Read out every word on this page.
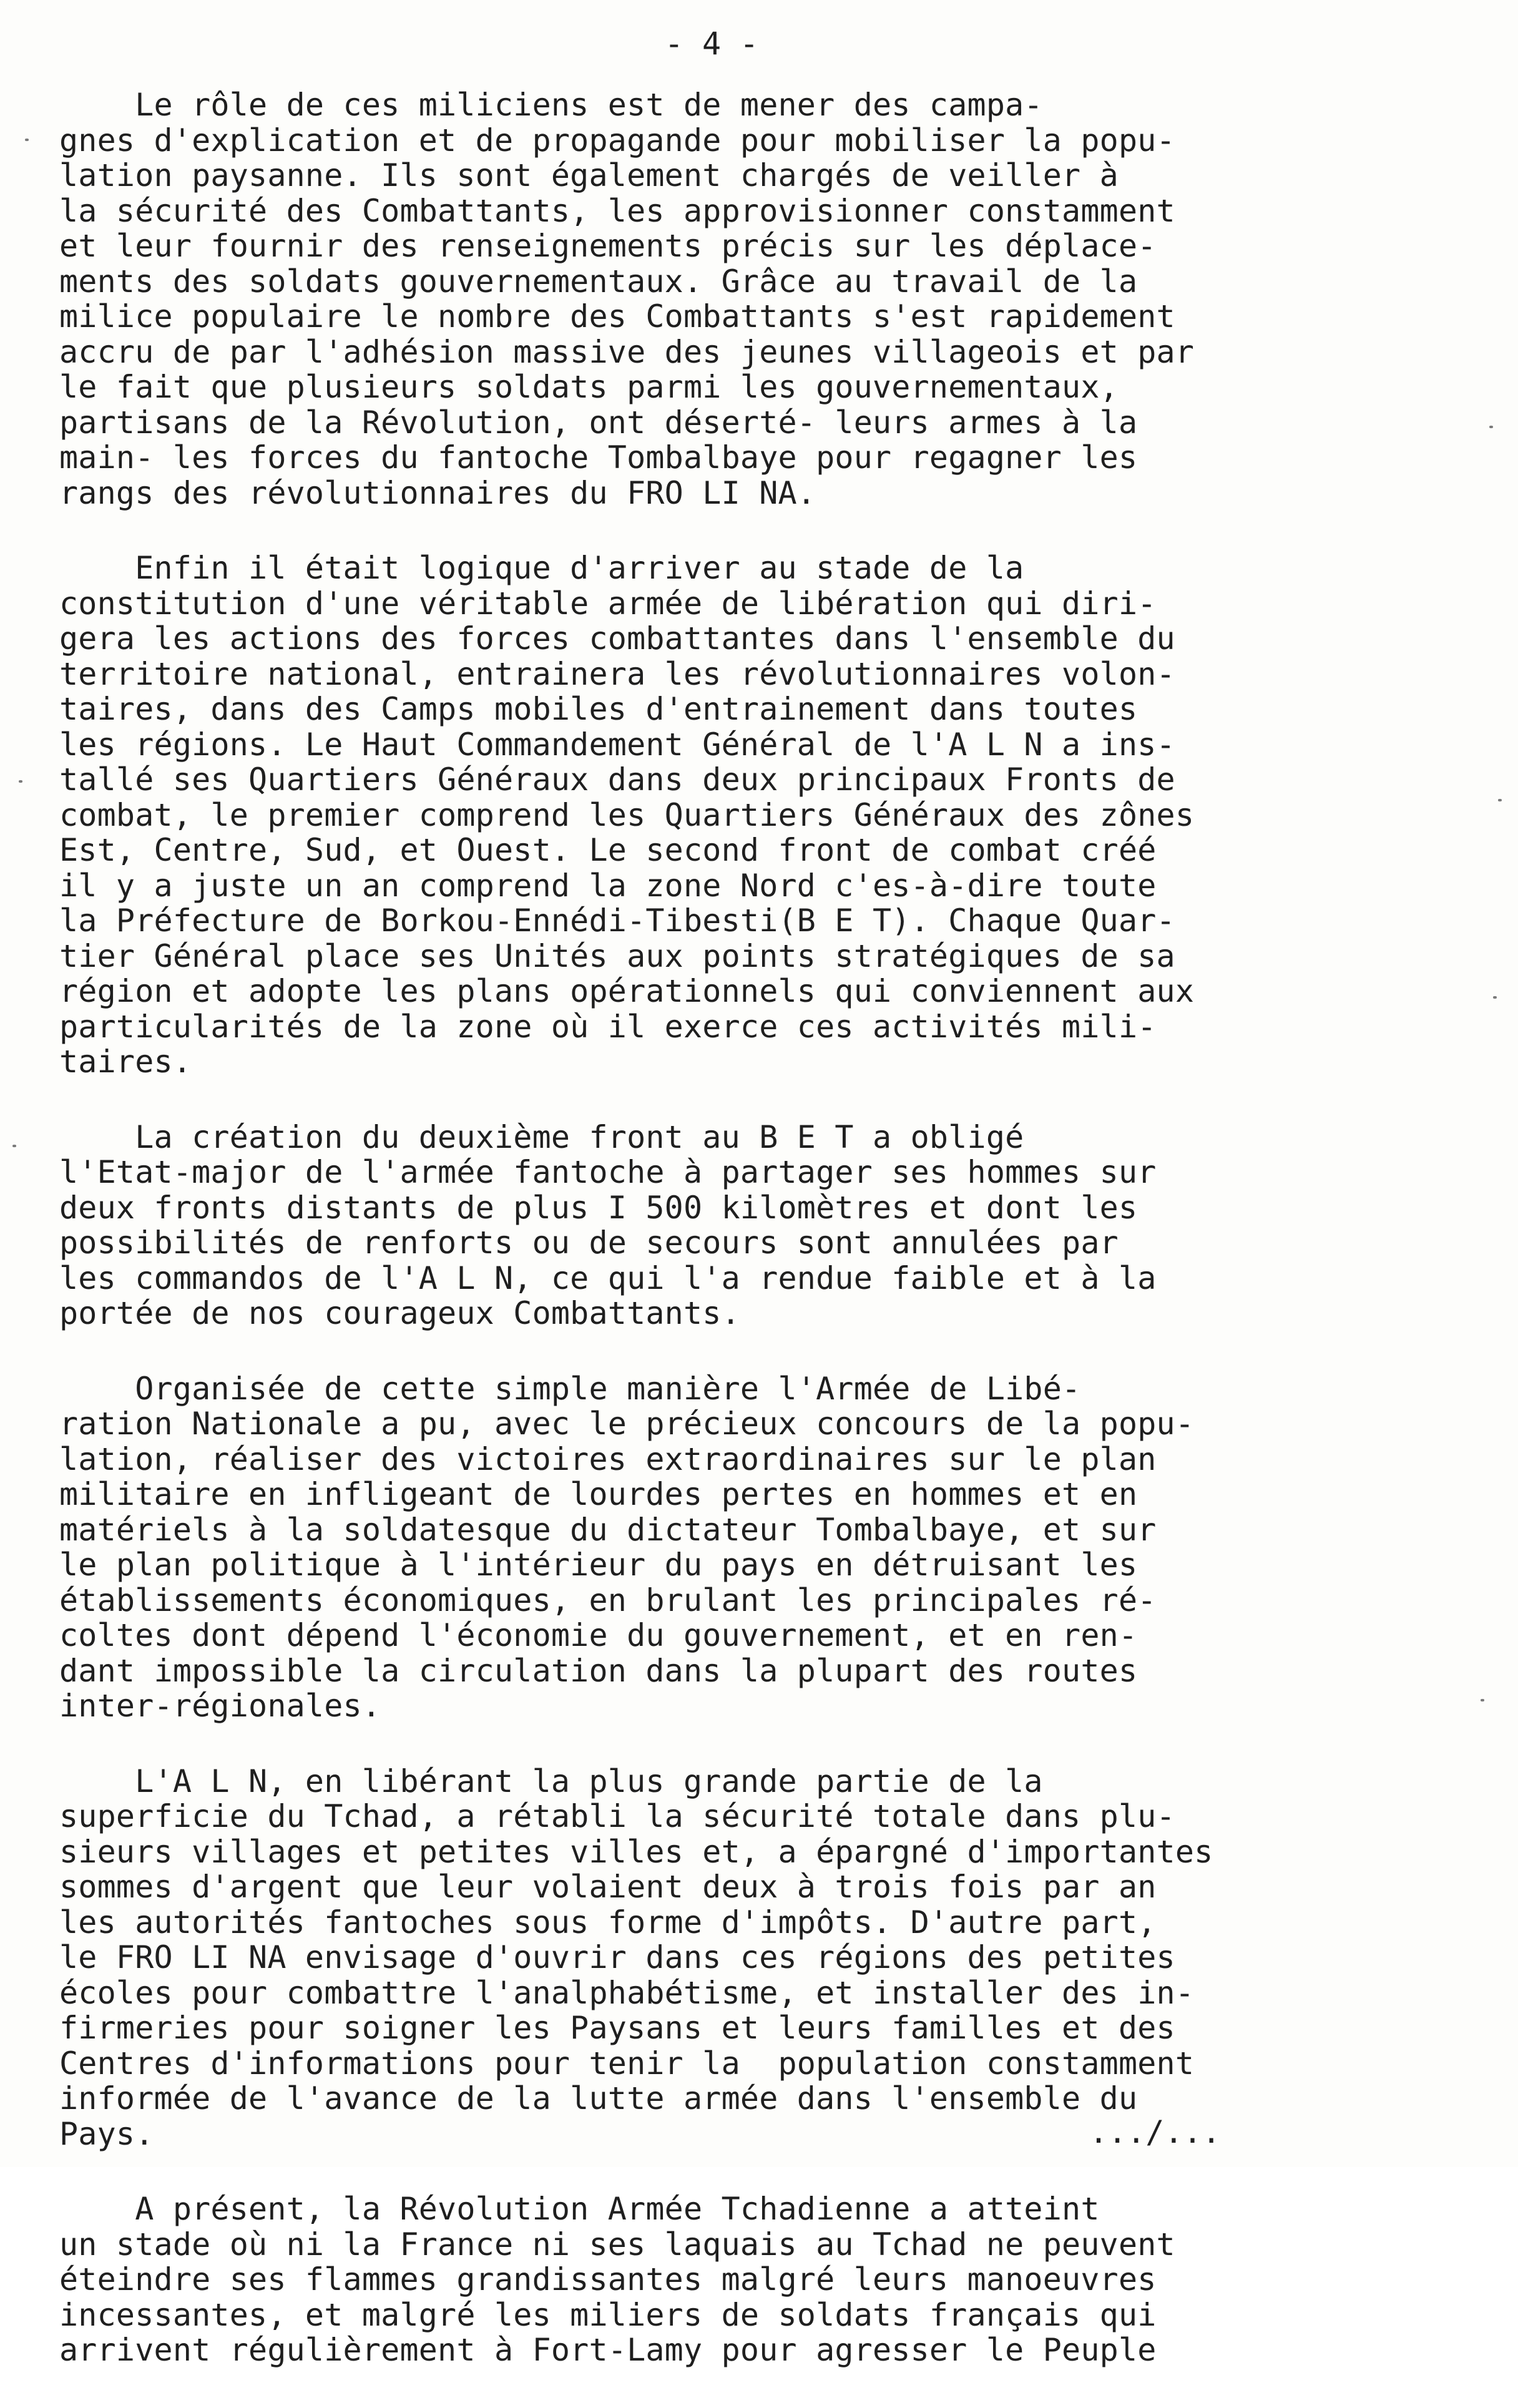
- 4 -
Le rôle de ces miliciens est de mener des campa-
gnes d'explication et de propagande pour mobiliser la popu-
lation paysanne. Ils sont également chargés de veiller à
la sécurité des Combattants, les approvisionner constamment
et leur fournir des renseignements précis sur les déplace-
ments des soldats gouvernementaux. Grâce au travail de la
milice populaire le nombre des Combattants s'est rapidement
accru de par l'adhésion massive des jeunes villageois et par
le fait que plusieurs soldats parmi les gouvernementaux,
partisans de la Révolution, ont déserté- leurs armes à la
main- les forces du fantoche Tombalbaye pour regagner les
rangs des révolutionnaires du FRO LI NA.
Enfin il était logique d'arriver au stade de la
constitution d'une véritable armée de libération qui diri-
gera les actions des forces combattantes dans l'ensemble du
territoire national, entrainera les révolutionnaires volon-
taires, dans des Camps mobiles d'entrainement dans toutes
les régions. Le Haut Commandement Général de l'A L N a ins-
tallé ses Quartiers Généraux dans deux principaux Fronts de
combat, le premier comprend les Quartiers Généraux des zônes
Est, Centre, Sud, et Ouest. Le second front de combat créé
il y a juste un an comprend la zone Nord c'es-à-dire toute
la Préfecture de Borkou-Ennédi-Tibesti(B E T). Chaque Quar-
tier Général place ses Unités aux points stratégiques de sa
région et adopte les plans opérationnels qui conviennent aux
particularités de la zone où il exerce ces activités mili-
taires.
La création du deuxième front au B E T a obligé
l'Etat-major de l'armée fantoche à partager ses hommes sur
deux fronts distants de plus I 500 kilomètres et dont les
possibilités de renforts ou de secours sont annulées par
les commandos de l'A L N, ce qui l'a rendue faible et à la
portée de nos courageux Combattants.
Organisée de cette simple manière l'Armée de Libé-
ration Nationale a pu, avec le précieux concours de la popu-
lation, réaliser des victoires extraordinaires sur le plan
militaire en infligeant de lourdes pertes en hommes et en
matériels à la soldatesque du dictateur Tombalbaye, et sur
le plan politique à l'intérieur du pays en détruisant les
établissements économiques, en brulant les principales ré-
coltes dont dépend l'économie du gouvernement, et en ren-
dant impossible la circulation dans la plupart des routes
inter-régionales.
L'A L N, en libérant la plus grande partie de la
superficie du Tchad, a rétabli la sécurité totale dans plu-
sieurs villages et petites villes et, a épargné d'importantes
sommes d'argent que leur volaient deux à trois fois par an
les autorités fantoches sous forme d'impôts. D'autre part,
le FRO LI NA envisage d'ouvrir dans ces régions des petites
écoles pour combattre l'analphabétisme, et installer des in-
firmeries pour soigner les Paysans et leurs familles et des
Centres d'informations pour tenir la  population constamment
informée de l'avance de la lutte armée dans l'ensemble du
Pays.
A présent, la Révolution Armée Tchadienne a atteint
un stade où ni la France ni ses laquais au Tchad ne peuvent
éteindre ses flammes grandissantes malgré leurs manoeuvres
incessantes, et malgré les miliers de soldats français qui
arrivent régulièrement à Fort-Lamy pour agresser le Peuple
.../...
